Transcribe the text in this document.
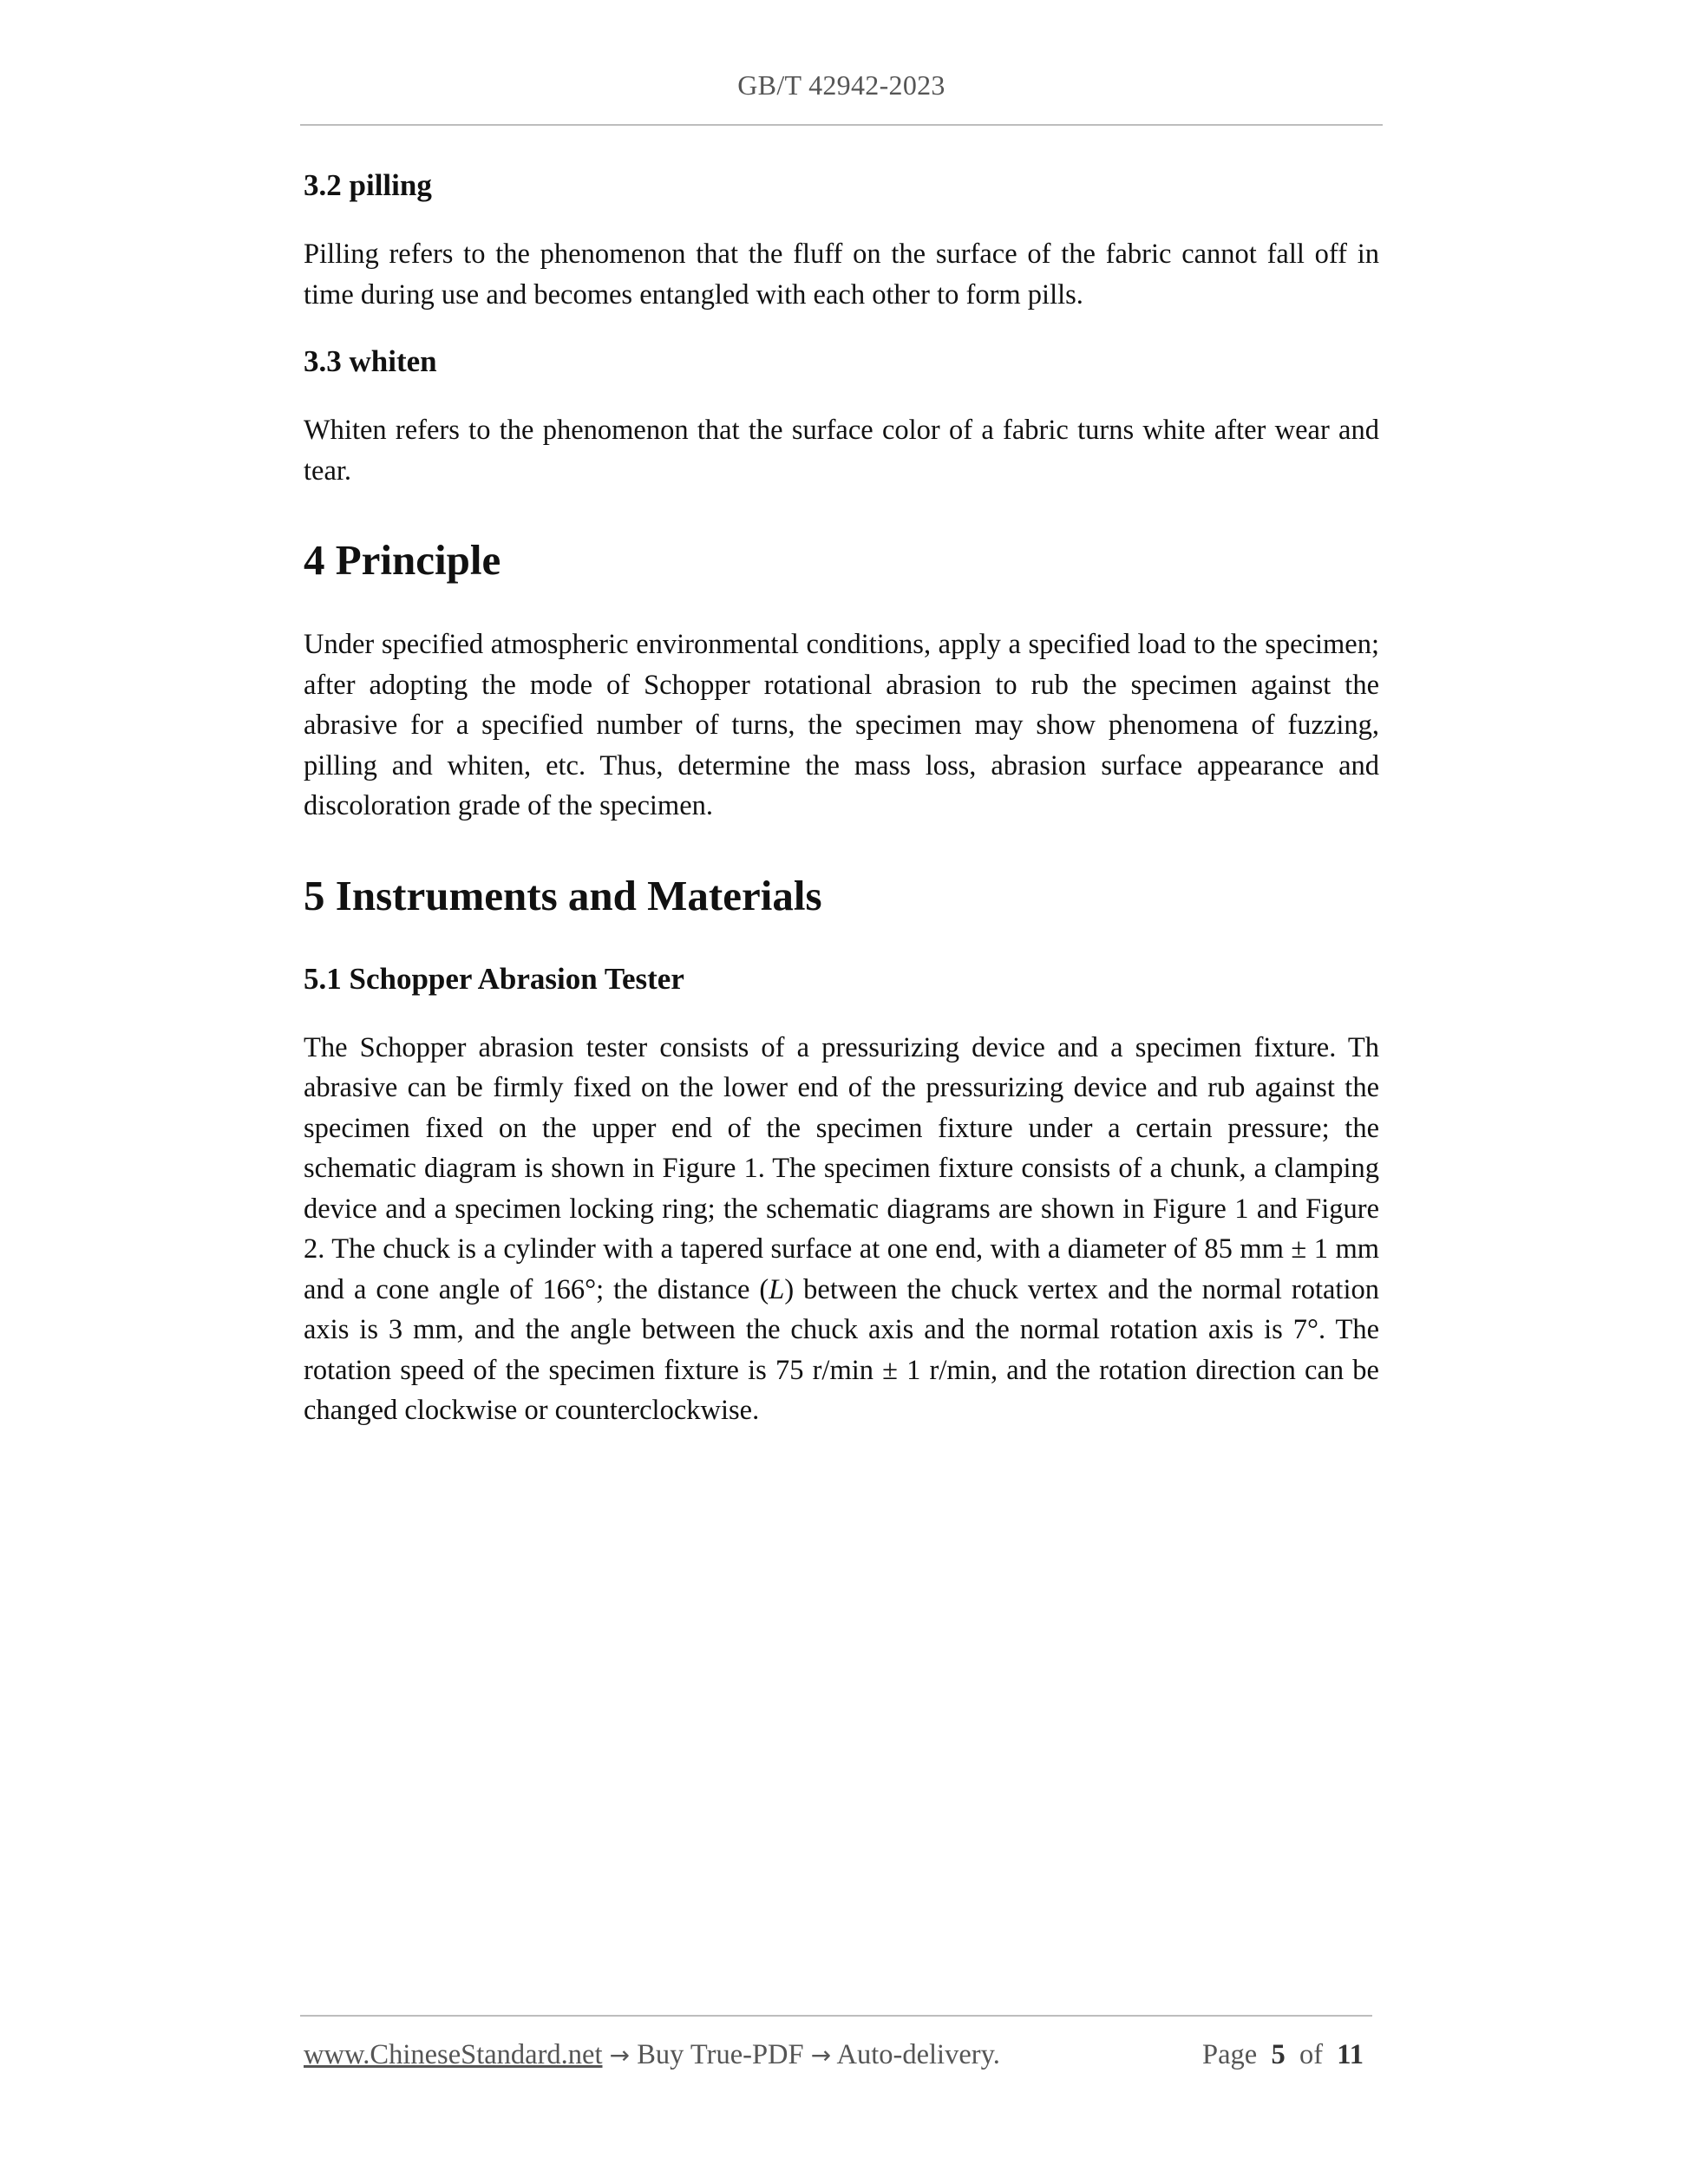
GB/T 42942-2023
3.2 pilling

Pilling refers to the phenomenon that the fluff on the surface of the fabric cannot fall off in time during use and becomes entangled with each other to form pills.

3.3 whiten

Whiten refers to the phenomenon that the surface color of a fabric turns white after wear and tear.

4 Principle

Under specified atmospheric environmental conditions, apply a specified load to the specimen; after adopting the mode of Schopper rotational abrasion to rub the specimen against the abrasive for a specified number of turns, the specimen may show phenomena of fuzzing, pilling and whiten, etc. Thus, determine the mass loss, abrasion surface appearance and discoloration grade of the specimen.

5 Instruments and Materials
5.1 Schopper Abrasion Tester

The Schopper abrasion tester consists of a pressurizing device and a specimen fixture. Th abrasive can be firmly fixed on the lower end of the pressurizing device and rub against the specimen fixed on the upper end of the specimen fixture under a certain pressure; the schematic diagram is shown in Figure 1. The specimen fixture consists of a chunk, a clamping device and a specimen locking ring; the schematic diagrams are shown in Figure 1 and Figure 2. The chuck is a cylinder with a tapered surface at one end, with a diameter of 85 mm ± 1 mm and a cone angle of 166°; the distance (L) between the chuck vertex and the normal rotation axis is 3 mm, and the angle between the chuck axis and the normal rotation axis is 7°. The rotation speed of the specimen fixture is 75 r/min ± 1 r/min, and the rotation direction can be changed clockwise or counterclockwise.

www.ChineseStandard.net → Buy True-PDF → Auto-delivery.	Page 5 of 11
